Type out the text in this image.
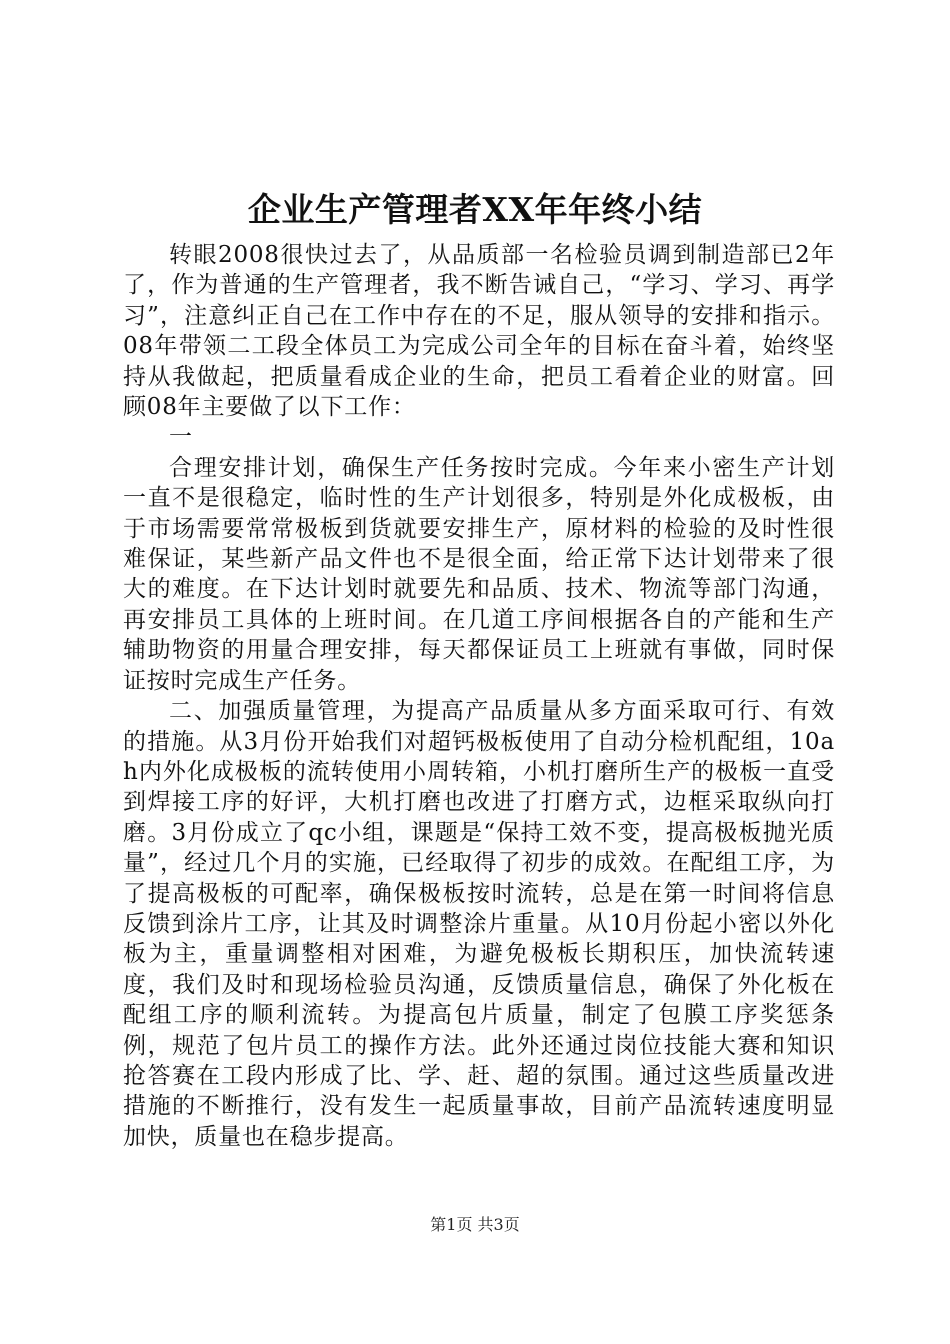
企业生产管理者XX年年终小结

转眼2008很快过去了，从品质部一名检验员调到制造部已2年了，作为普通的生产管理者，我不断告诫自己，“学习、学习、再学习”，注意纠正自己在工作中存在的不足，服从领导的安排和指示。08年带领二工段全体员工为完成公司全年的目标在奋斗着，始终坚持从我做起，把质量看成企业的生命，把员工看着企业的财富。回顾08年主要做了以下工作：

一

合理安排计划，确保生产任务按时完成。今年来小密生产计划一直不是很稳定，临时性的生产计划很多，特别是外化成极板，由于市场需要常常极板到货就要安排生产，原材料的检验的及时性很难保证，某些新产品文件也不是很全面，给正常下达计划带来了很大的难度。在下达计划时就要先和品质、技术、物流等部门沟通，再安排员工具体的上班时间。在几道工序间根据各自的产能和生产辅助物资的用量合理安排，每天都保证员工上班就有事做，同时保证按时完成生产任务。

二、加强质量管理，为提高产品质量从多方面采取可行、有效的措施。从3月份开始我们对超钙极板使用了自动分检机配组，10ah内外化成极板的流转使用小周转箱，小机打磨所生产的极板一直受到焊接工序的好评，大机打磨也改进了打磨方式，边框采取纵向打磨。3月份成立了qc小组，课题是“保持工效不变，提高极板抛光质量”，经过几个月的实施，已经取得了初步的成效。在配组工序，为了提高极板的可配率，确保极板按时流转，总是在第一时间将信息反馈到涂片工序，让其及时调整涂片重量。从10月份起小密以外化板为主，重量调整相对困难，为避免极板长期积压，加快流转速度，我们及时和现场检验员沟通，反馈质量信息，确保了外化板在配组工序的顺利流转。为提高包片质量，制定了包膜工序奖惩条例，规范了包片员工的操作方法。此外还通过岗位技能大赛和知识抢答赛在工段内形成了比、学、赶、超的氛围。通过这些质量改进措施的不断推行，没有发生一起质量事故，目前产品流转速度明显加快，质量也在稳步提高。

第1页 共3页
